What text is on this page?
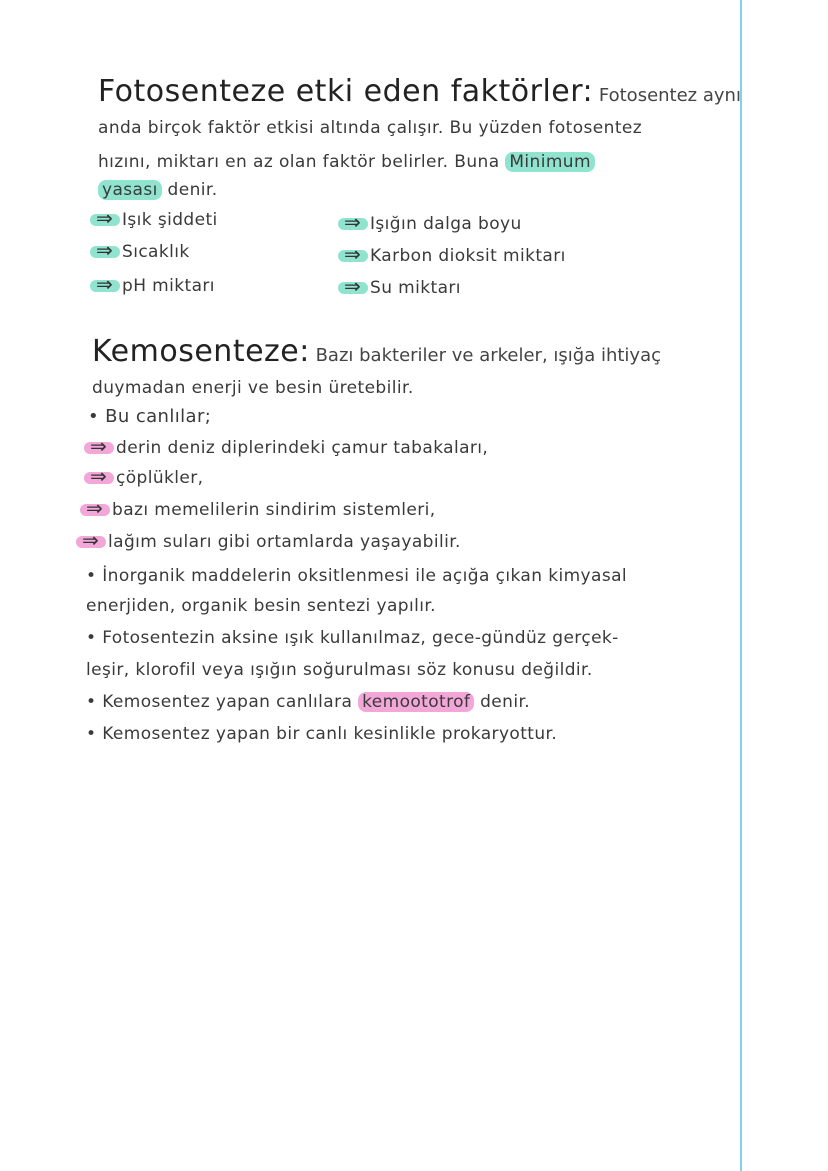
Fotosenteze etki eden faktörler: Fotosentez aynı
anda birçok faktör etkisi altında çalışır. Bu yüzden fotosentez
hızını, miktarı en az olan faktör belirler. Buna Minimum
yasası denir.
⇒Işık şiddeti
⇒Sıcaklık
⇒pH miktarı
⇒Işığın dalga boyu
⇒Karbon dioksit miktarı
⇒Su miktarı
Kemosenteze: Bazı bakteriler ve arkeler, ışığa ihtiyaç
duymadan enerji ve besin üretebilir.
• Bu canlılar;
⇒derin deniz diplerindeki çamur tabakaları,
⇒çöplükler,
⇒bazı memelilerin sindirim sistemleri,
⇒lağım suları gibi ortamlarda yaşayabilir.
• İnorganik maddelerin oksitlenmesi ile açığa çıkan kimyasal
enerjiden, organik besin sentezi yapılır.
• Fotosentezin aksine ışık kullanılmaz, gece-gündüz gerçek-
leşir, klorofil veya ışığın soğurulması söz konusu değildir.
• Kemosentez yapan canlılara kemoototrof denir.
• Kemosentez yapan bir canlı kesinlikle prokaryottur.
